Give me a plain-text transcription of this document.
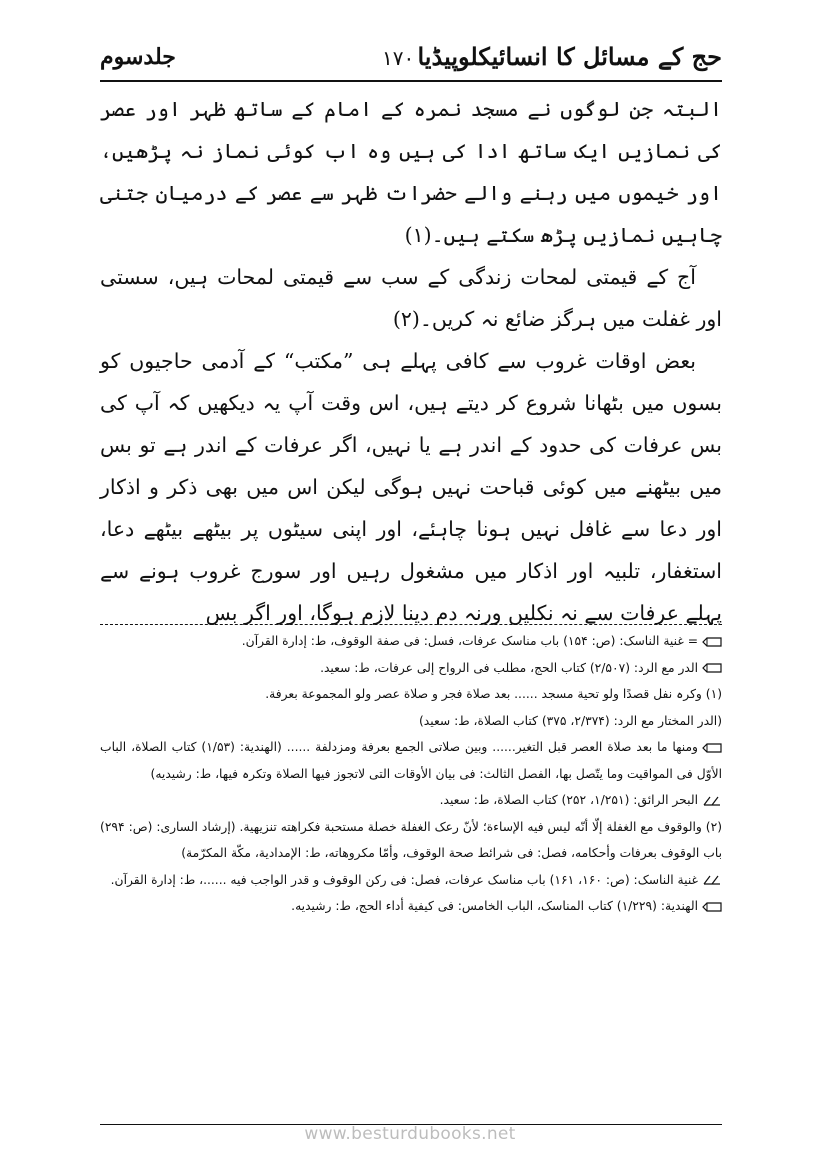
حج کے مسائل کا انسائیکلوپیڈیا
۱۷۰
جلدسوم

البتہ جن لوگوں نے مسجد نمرہ کے امام کے ساتھ ظہر اور عصر کی نمازیں ایک ساتھ ادا کی ہیں وہ اب کوئی نماز نہ پڑھیں، اور خیموں میں رہنے والے حضرات ظہر سے عصر کے درمیان جتنی چاہیں نمازیں پڑھ سکتے ہیں۔(۱)

آج کے قیمتی لمحات زندگی کے سب سے قیمتی لمحات ہیں، سستی اور غفلت میں ہرگز ضائع نہ کریں۔(۲)

بعض اوقات غروب سے کافی پہلے ہی ”مکتب“ کے آدمی حاجیوں کو بسوں میں بٹھانا شروع کر دیتے ہیں، اس وقت آپ یہ دیکھیں کہ آپ کی بس عرفات کی حدود کے اندر ہے یا نہیں، اگر عرفات کے اندر ہے تو بس میں بیٹھنے میں کوئی قباحت نہیں ہوگی لیکن اس میں بھی ذکر و اذکار اور دعا سے غافل نہیں ہونا چاہئے، اور اپنی سیٹوں پر بیٹھے بیٹھے دعا، استغفار، تلبیہ اور اذکار میں مشغول رہیں اور سورج غروب ہونے سے پہلے عرفات سے نہ نکلیں ورنہ دم دینا لازم ہوگا، اور اگر بس

= غنیة الناسک: (ص: ۱۵۴) باب مناسک عرفات، فسل: فی صفة الوقوف، ط: إدارة القرآن.

الدر مع الرد: (۲/۵۰۷) کتاب الحج، مطلب فی الرواح إلی عرفات، ط: سعید.

(۱) وکرہ نفل قصدًا ولو تحیة مسجد ...... بعد صلاة فجر و صلاة عصر ولو المجموعة بعرفة.

(الدر المختار مع الرد: (۲/۳۷۴، ۳۷۵) کتاب الصلاة، ط: سعید)

ومنها ما بعد صلاة العصر قبل التغیر...... وبین صلاتی الجمع بعرفة ومزدلفة ...... (الهندیة: (۱/۵۳) کتاب الصلاة، الباب الأوّل فی المواقیت وما یتّصل بها، الفصل الثالث: فی بیان الأوقات التی لاتجوز فیها الصلاة وتکرہ فیها، ط: رشیدیه)

البحر الرائق: (۱/۲۵۱، ۲۵۲) کتاب الصلاة، ط: سعید.

(۲) والوقوف مع الغفلة إلّا أنّه لیس فیه الإساءة؛ لأنّ رعک الغفلة خصلة مستحبة فکراهته تنزیهیة. (إرشاد الساری: (ص: ۲۹۴) باب الوقوف بعرفات وأحکامه، فصل: فی شرائط صحة الوقوف، وأمّا مکروهاته، ط: الإمدادیة، مکّة المکرّمة)

غنیة الناسک: (ص: ۱۶۰، ۱۶۱) باب مناسک عرفات، فصل: فی رکن الوقوف و قدر الواجب فیه ......، ط: إدارة القرآن.

الهندیة: (۱/۲۲۹) کتاب المناسک، الباب الخامس: فی کیفیة أداء الحج، ط: رشیدیه.

www.besturdubooks.net
